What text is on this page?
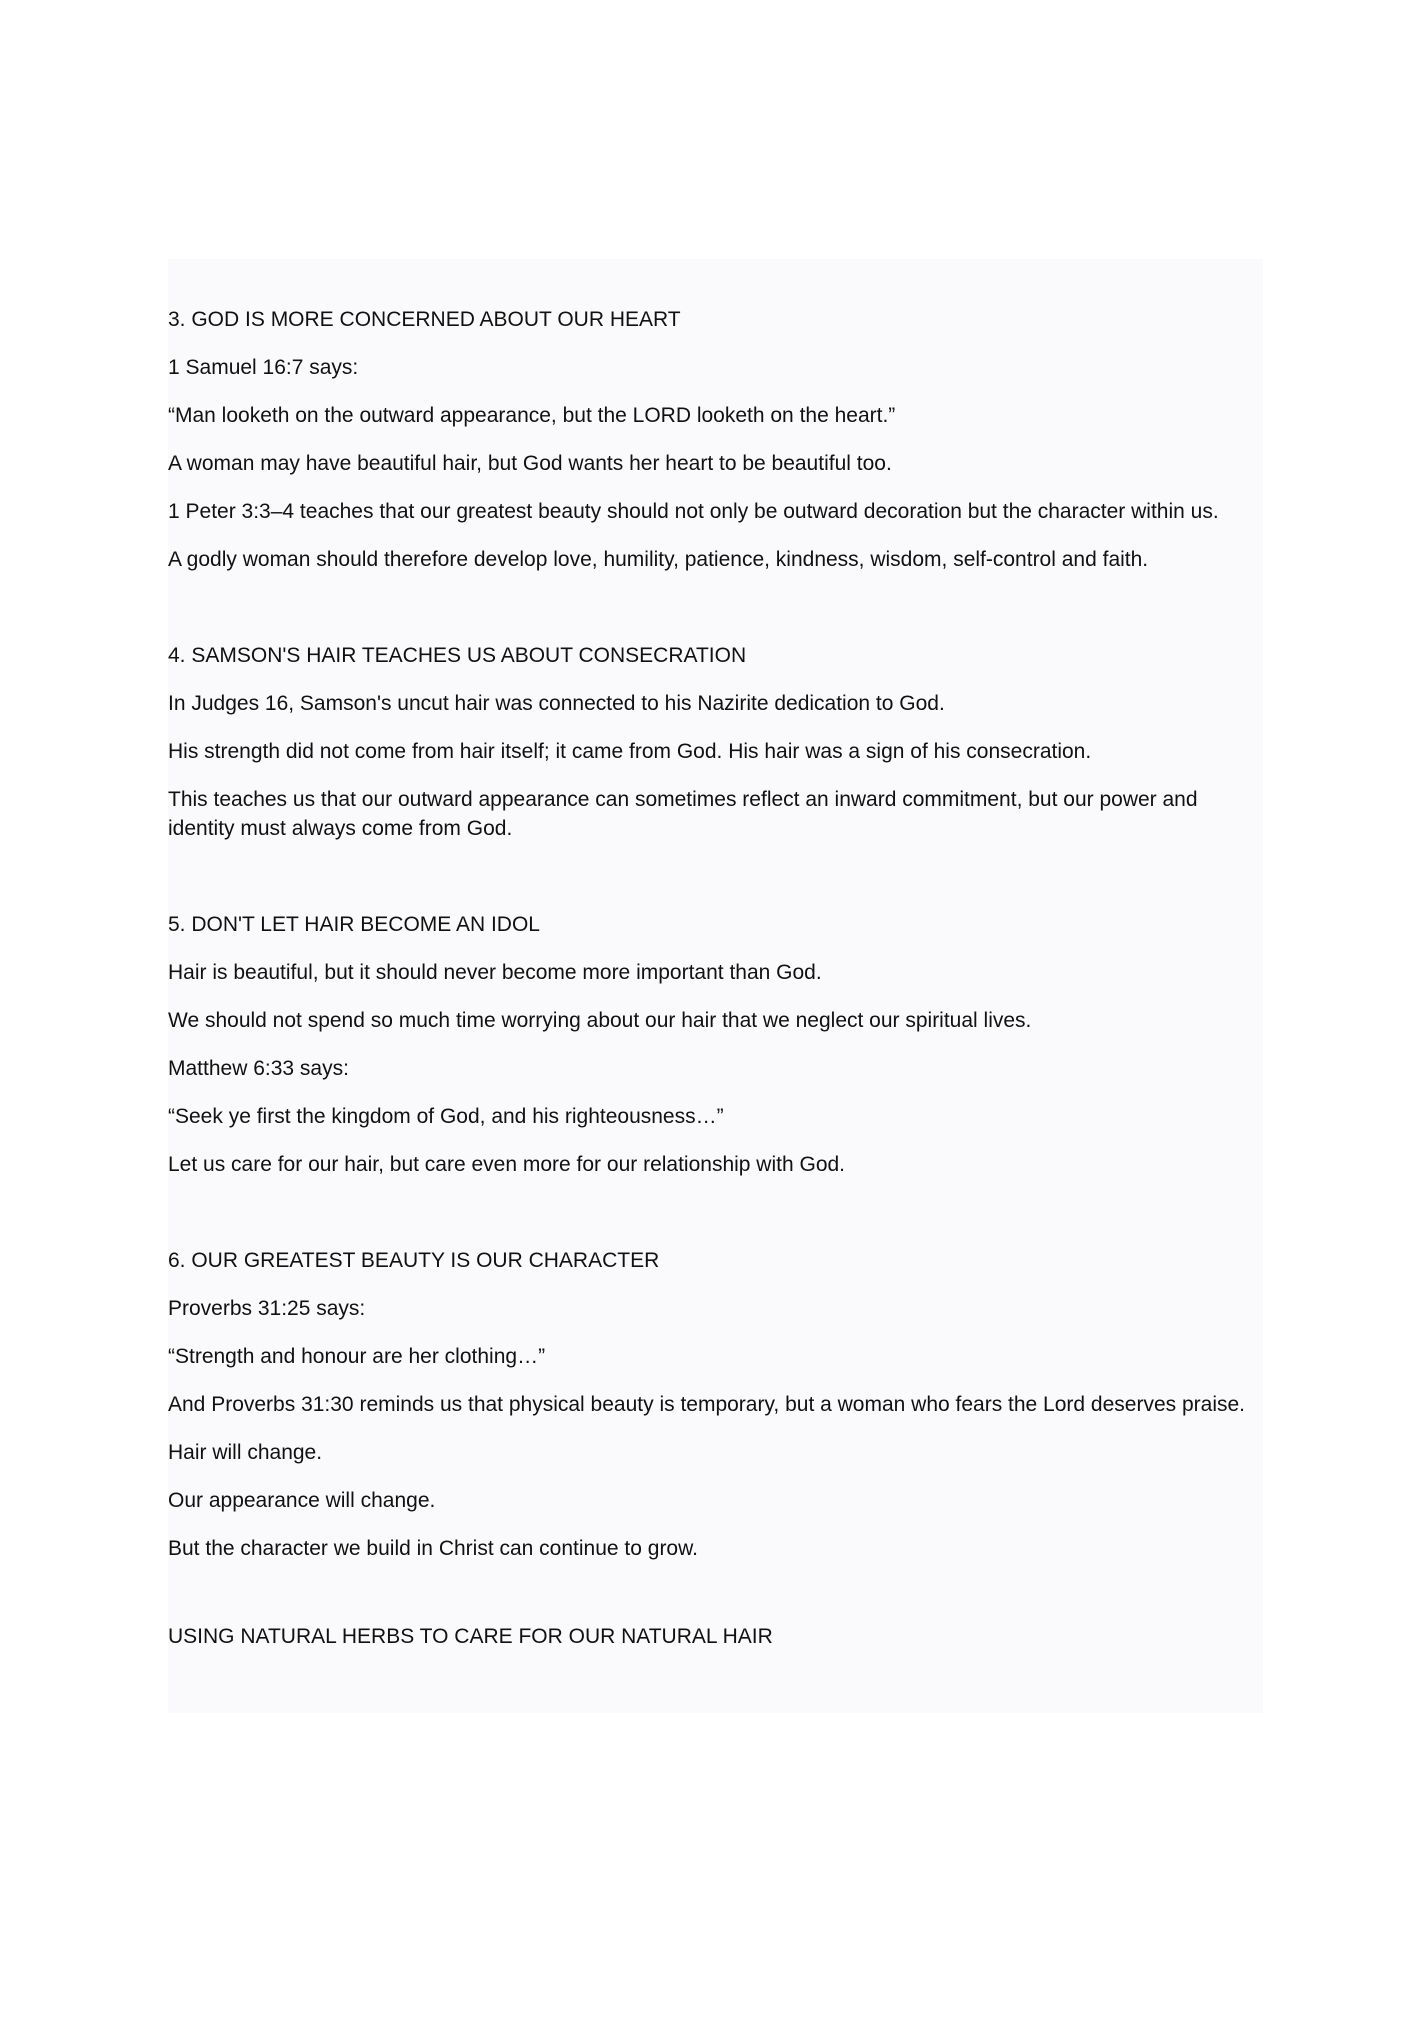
3. GOD IS MORE CONCERNED ABOUT OUR HEART

1 Samuel 16:7 says:

“Man looketh on the outward appearance, but the LORD looketh on the heart.”

A woman may have beautiful hair, but God wants her heart to be beautiful too.

1 Peter 3:3–4 teaches that our greatest beauty should not only be outward decoration but the character within us.

A godly woman should therefore develop love, humility, patience, kindness, wisdom, self-control and faith.

4. SAMSON'S HAIR TEACHES US ABOUT CONSECRATION

In Judges 16, Samson's uncut hair was connected to his Nazirite dedication to God.

His strength did not come from hair itself; it came from God. His hair was a sign of his consecration.

This teaches us that our outward appearance can sometimes reflect an inward commitment, but our power and identity must always come from God.

5. DON'T LET HAIR BECOME AN IDOL

Hair is beautiful, but it should never become more important than God.

We should not spend so much time worrying about our hair that we neglect our spiritual lives.

Matthew 6:33 says:

“Seek ye first the kingdom of God, and his righteousness…”

Let us care for our hair, but care even more for our relationship with God.

6. OUR GREATEST BEAUTY IS OUR CHARACTER

Proverbs 31:25 says:

“Strength and honour are her clothing…”

And Proverbs 31:30 reminds us that physical beauty is temporary, but a woman who fears the Lord deserves praise.

Hair will change.

Our appearance will change.

But the character we build in Christ can continue to grow.

USING NATURAL HERBS TO CARE FOR OUR NATURAL HAIR
